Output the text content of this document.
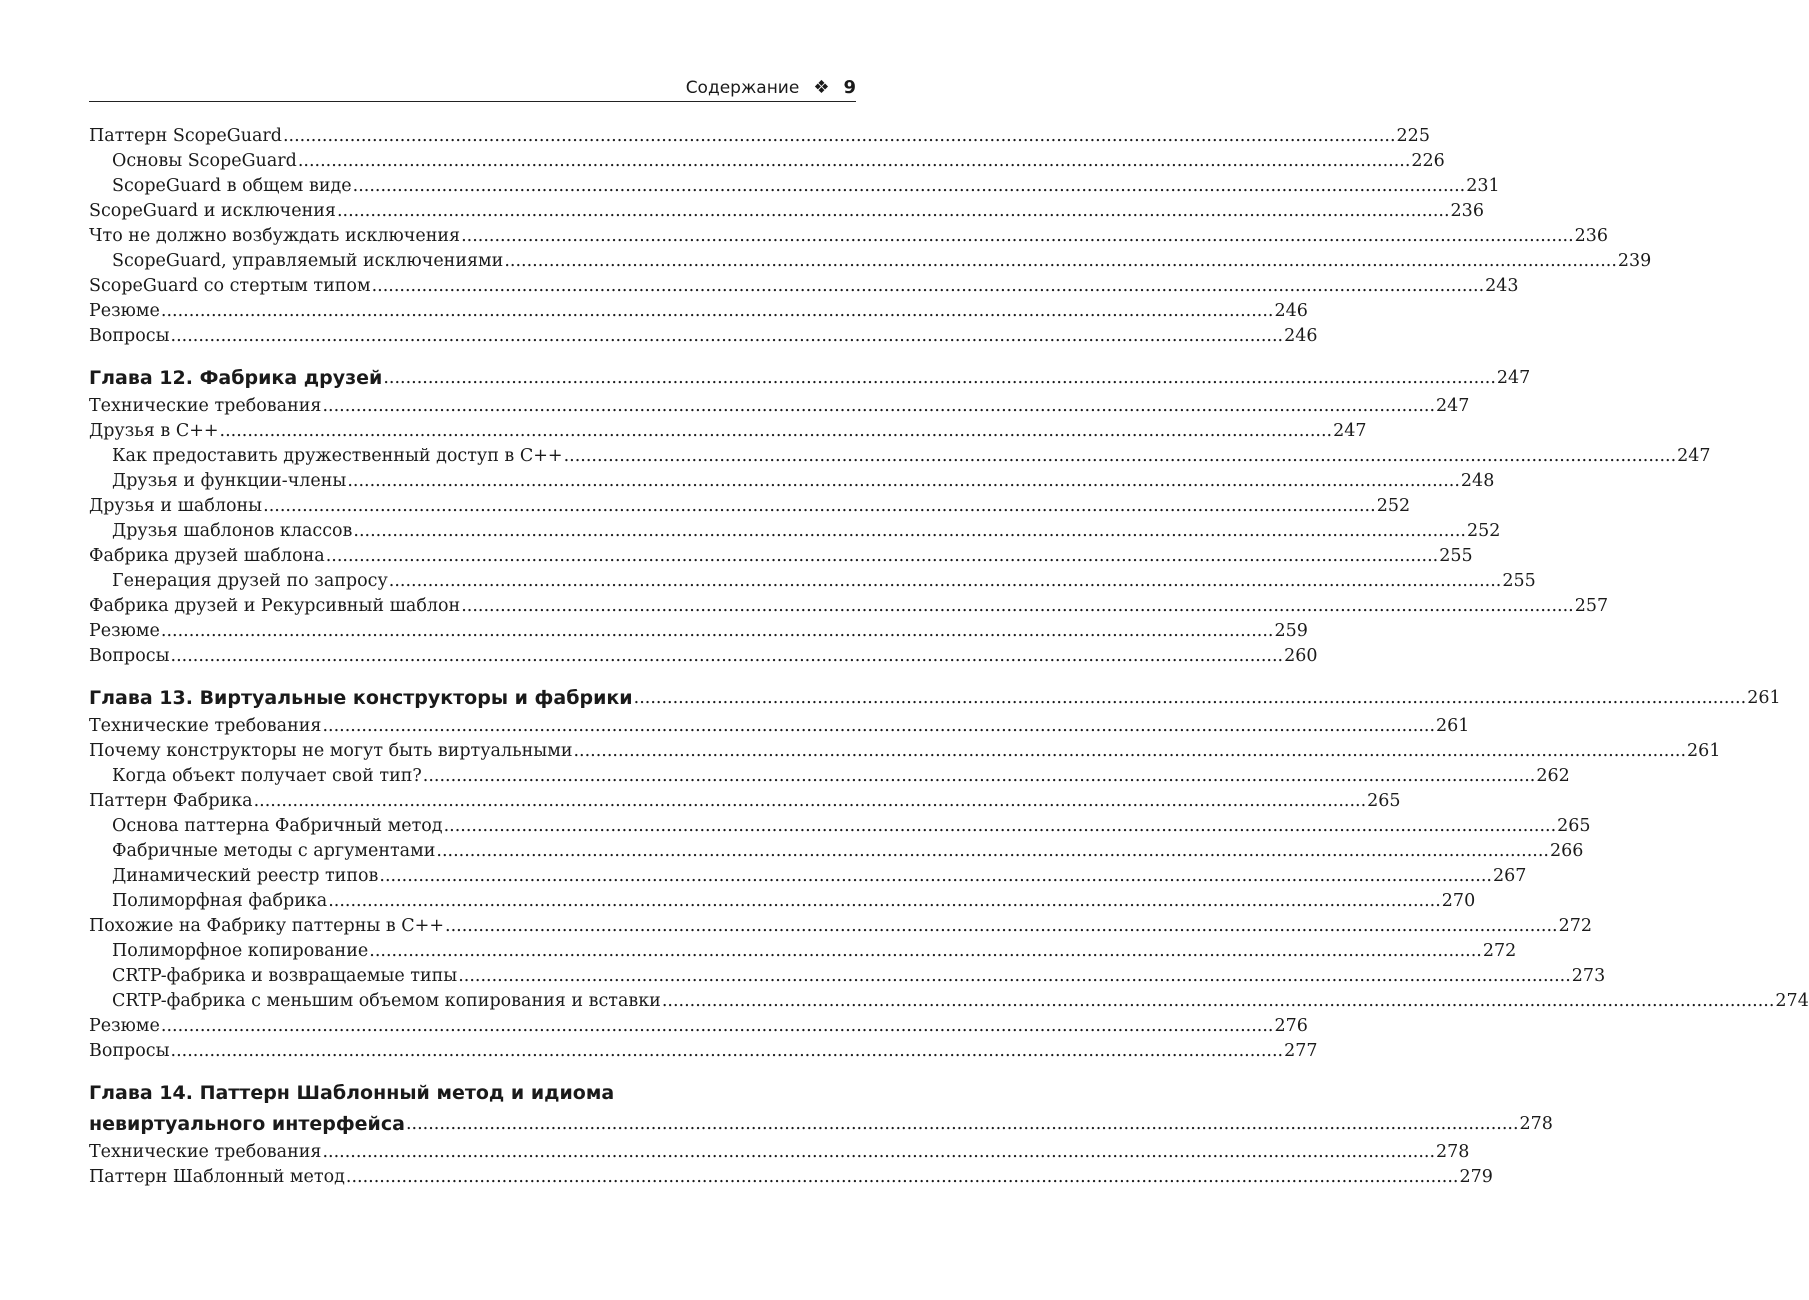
Содержание ❖ 9
Паттерн ScopeGuard ........................................................................................................................................................................................................ 225
Основы ScopeGuard ........................................................................................................................................................................................................ 226
ScopeGuard в общем виде ........................................................................................................................................................................................................ 231
ScopeGuard и исключения ........................................................................................................................................................................................................ 236
Что не должно возбуждать исключения ........................................................................................................................................................................................................ 236
ScopeGuard, управляемый исключениями ........................................................................................................................................................................................................ 239
ScopeGuard со стертым типом ........................................................................................................................................................................................................ 243
Резюме ........................................................................................................................................................................................................ 246
Вопросы ........................................................................................................................................................................................................ 246
Глава 12. Фабрика друзей ........................................................................................................................................................................................................ 247
Технические требования ........................................................................................................................................................................................................ 247
Друзья в C++ ........................................................................................................................................................................................................ 247
Как предоставить дружественный доступ в C++ ........................................................................................................................................................................................................ 247
Друзья и функции-члены ........................................................................................................................................................................................................ 248
Друзья и шаблоны ........................................................................................................................................................................................................ 252
Друзья шаблонов классов ........................................................................................................................................................................................................ 252
Фабрика друзей шаблона ........................................................................................................................................................................................................ 255
Генерация друзей по запросу ........................................................................................................................................................................................................ 255
Фабрика друзей и Рекурсивный шаблон ........................................................................................................................................................................................................ 257
Резюме ........................................................................................................................................................................................................ 259
Вопросы ........................................................................................................................................................................................................ 260
Глава 13. Виртуальные конструкторы и фабрики ........................................................................................................................................................................................................ 261
Технические требования ........................................................................................................................................................................................................ 261
Почему конструкторы не могут быть виртуальными ........................................................................................................................................................................................................ 261
Когда объект получает свой тип? ........................................................................................................................................................................................................ 262
Паттерн Фабрика ........................................................................................................................................................................................................ 265
Основа паттерна Фабричный метод ........................................................................................................................................................................................................ 265
Фабричные методы с аргументами ........................................................................................................................................................................................................ 266
Динамический реестр типов ........................................................................................................................................................................................................ 267
Полиморфная фабрика ........................................................................................................................................................................................................ 270
Похожие на Фабрику паттерны в C++ ........................................................................................................................................................................................................ 272
Полиморфное копирование ........................................................................................................................................................................................................ 272
CRTP-фабрика и возвращаемые типы ........................................................................................................................................................................................................ 273
CRTP-фабрика с меньшим объемом копирования и вставки ........................................................................................................................................................................................................ 274
Резюме ........................................................................................................................................................................................................ 276
Вопросы ........................................................................................................................................................................................................ 277
Глава 14. Паттерн Шаблонный метод и идиома
невиртуального интерфейса ........................................................................................................................................................................................................ 278
Технические требования ........................................................................................................................................................................................................ 278
Паттерн Шаблонный метод ........................................................................................................................................................................................................ 279
